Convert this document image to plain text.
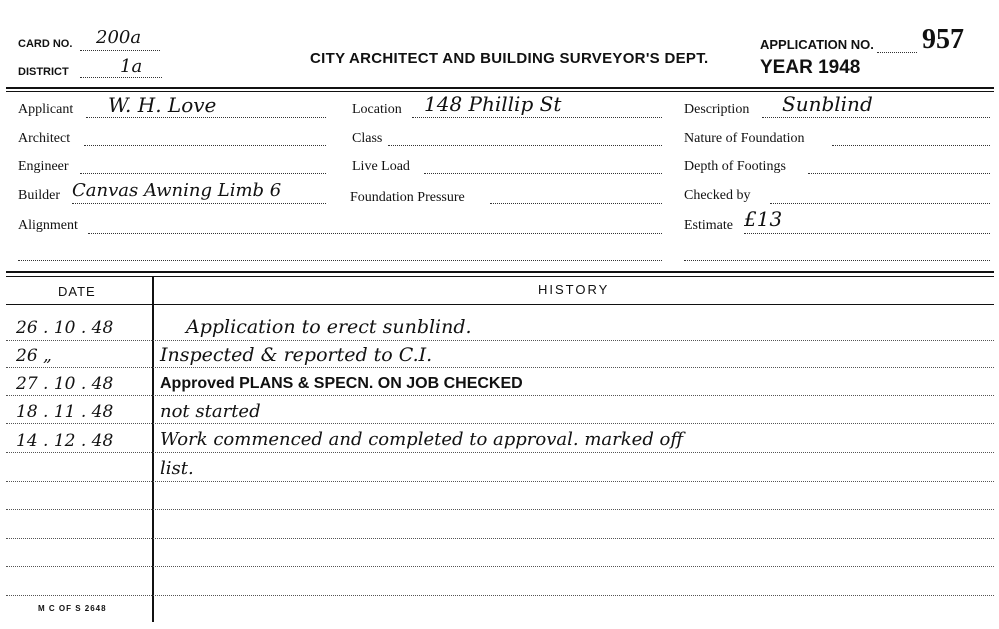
CARD NO. 200a
DISTRICT	1a	CITY ARCHITECT AND BUILDING SURVEYOR'S DEPT.
APPLICATION NO. 957
YEAR 1948
Applicant W. H. Love
Architect
Engineer
Builder Canvas Awning Limb 6
Alignment
Location 148 Phillip St
Class
Live Load
Foundation Pressure
Description Sunblind
Nature of Foundation
Depth of Footings
Checked by
Estimate £13
DATE	HISTORY
26 . 10 . 48	Application to erect sunblind.
26 „	Inspected & reported to C.I.
27 . 10 . 48	Approved PLANS & SPECN. ON JOB CHECKED
18 . 11 . 48	not started
14 . 12 . 48	Work commenced and completed to approval. marked off
list.
M C OF S 2648
